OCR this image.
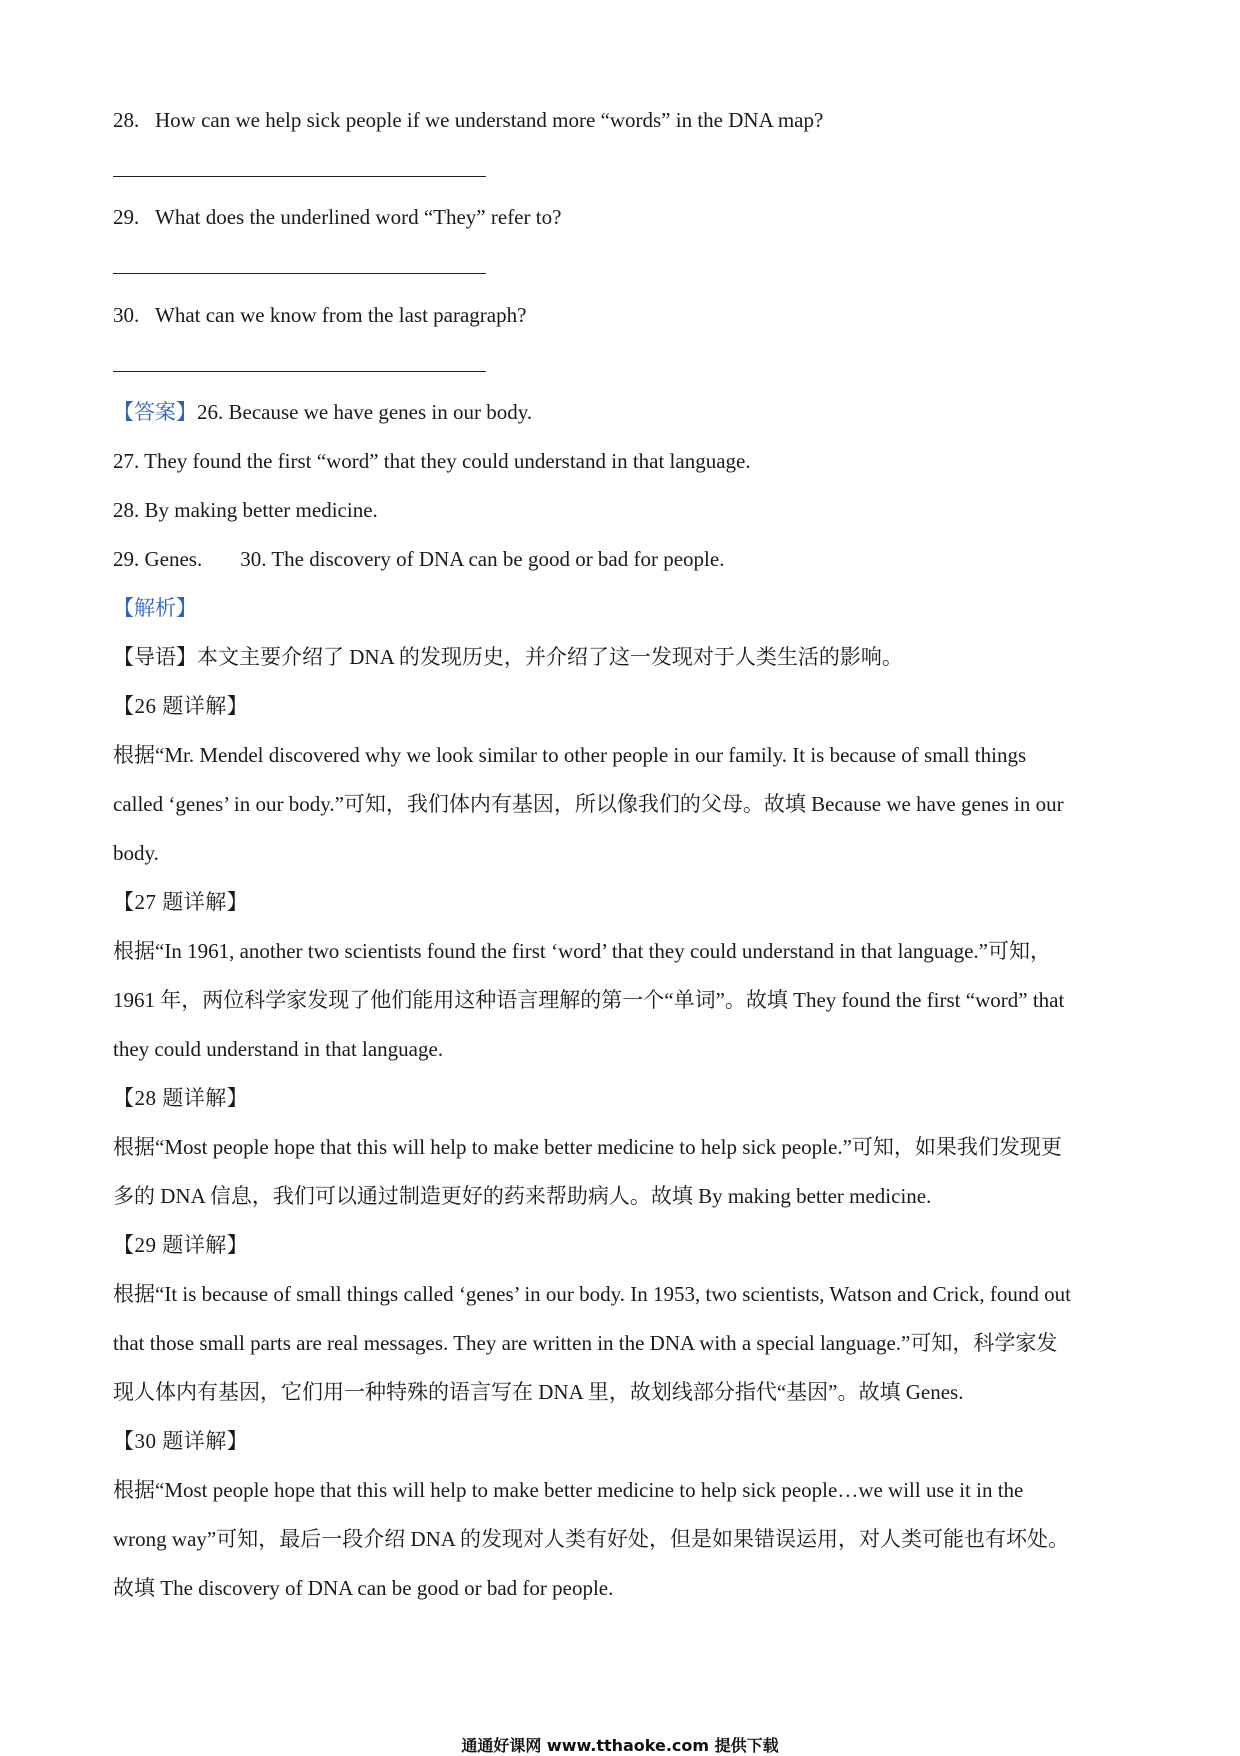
28. How can we help sick people if we understand more “words” in the DNA map?
29. What does the underlined word “They” refer to?
30. What can we know from the last paragraph?
【答案】26. Because we have genes in our body.
27. They found the first “word” that they could understand in that language.
28. By making better medicine.
29. Genes. 30. The discovery of DNA can be good or bad for people.
【解析】
【导语】本文主要介绍了 DNA 的发现历史，并介绍了这一发现对于人类生活的影响。
【26 题详解】
根据“Mr. Mendel discovered why we look similar to other people in our family. It is because of small things
called ‘genes’ in our body.”可知，我们体内有基因，所以像我们的父母。故填 Because we have genes in our
body.
【27 题详解】
根据“In 1961, another two scientists found the first ‘word’ that they could understand in that language.”可知，
1961 年，两位科学家发现了他们能用这种语言理解的第一个“单词”。故填 They found the first “word” that
they could understand in that language.
【28 题详解】
根据“Most people hope that this will help to make better medicine to help sick people.”可知，如果我们发现更
多的 DNA 信息，我们可以通过制造更好的药来帮助病人。故填 By making better medicine.
【29 题详解】
根据“It is because of small things called ‘genes’ in our body. In 1953, two scientists, Watson and Crick, found out
that those small parts are real messages. They are written in the DNA with a special language.”可知，科学家发
现人体内有基因，它们用一种特殊的语言写在 DNA 里，故划线部分指代“基因”。故填 Genes.
【30 题详解】
根据“Most people hope that this will help to make better medicine to help sick people…we will use it in the
wrong way”可知，最后一段介绍 DNA 的发现对人类有好处，但是如果错误运用，对人类可能也有坏处。
故填 The discovery of DNA can be good or bad for people.
通通好课网 www.tthaoke.com 提供下载
